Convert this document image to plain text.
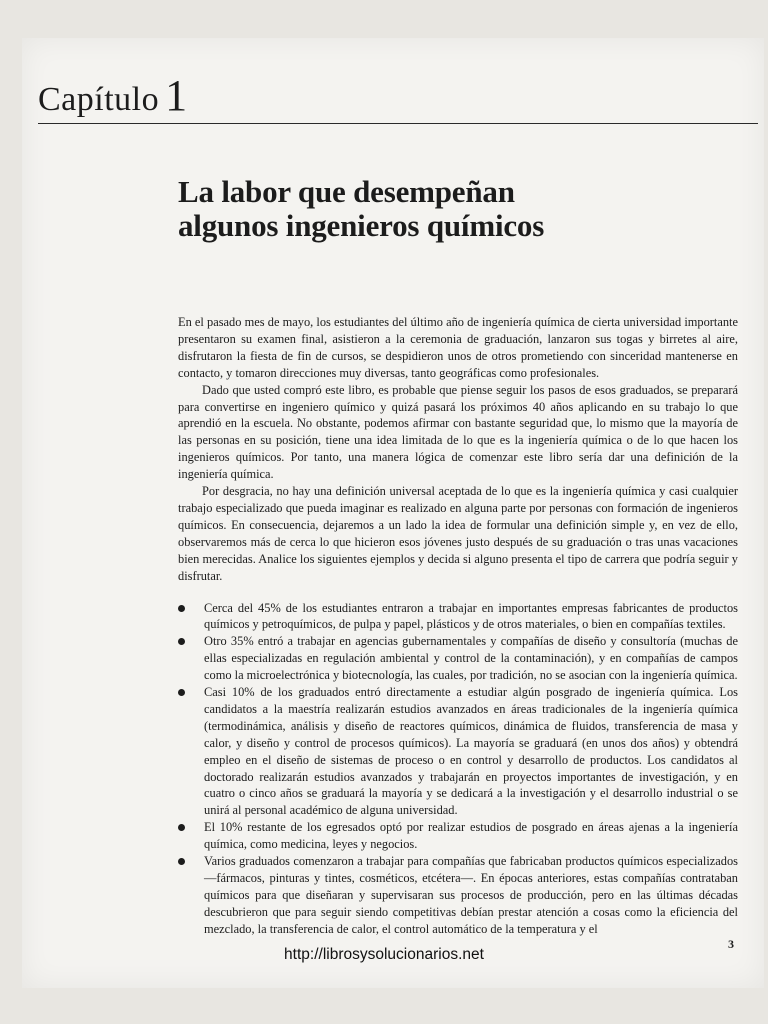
Capítulo 1
La labor que desempeñan
algunos ingenieros químicos

En el pasado mes de mayo, los estudiantes del último año de ingeniería química de cierta universidad importante presentaron su examen final, asistieron a la ceremonia de graduación, lanzaron sus togas y birretes al aire, disfrutaron la fiesta de fin de cursos, se despidieron unos de otros prometiendo con sinceridad mantenerse en contacto, y tomaron direcciones muy diversas, tanto geográficas como profesionales.

Dado que usted compró este libro, es probable que piense seguir los pasos de esos graduados, se preparará para convertirse en ingeniero químico y quizá pasará los próximos 40 años aplicando en su trabajo lo que aprendió en la escuela. No obstante, podemos afirmar con bastante seguridad que, lo mismo que la mayoría de las personas en su posición, tiene una idea limitada de lo que es la ingeniería química o de lo que hacen los ingenieros químicos. Por tanto, una manera lógica de comenzar este libro sería dar una definición de la ingeniería química.

Por desgracia, no hay una definición universal aceptada de lo que es la ingeniería química y casi cualquier trabajo especializado que pueda imaginar es realizado en alguna parte por personas con formación de ingenieros químicos. En consecuencia, dejaremos a un lado la idea de formular una definición simple y, en vez de ello, observaremos más de cerca lo que hicieron esos jóvenes justo después de su graduación o tras unas vacaciones bien merecidas. Analice los siguientes ejemplos y decida si alguno presenta el tipo de carrera que podría seguir y disfrutar.

Cerca del 45% de los estudiantes entraron a trabajar en importantes empresas fabricantes de productos químicos y petroquímicos, de pulpa y papel, plásticos y de otros materiales, o bien en compañías textiles.
Otro 35% entró a trabajar en agencias gubernamentales y compañías de diseño y consultoría (muchas de ellas especializadas en regulación ambiental y control de la contaminación), y en compañías de campos como la microelectrónica y biotecnología, las cuales, por tradición, no se asocian con la ingeniería química.
Casi 10% de los graduados entró directamente a estudiar algún posgrado de ingeniería química. Los candidatos a la maestría realizarán estudios avanzados en áreas tradicionales de la ingeniería química (termodinámica, análisis y diseño de reactores químicos, dinámica de fluidos, transferencia de masa y calor, y diseño y control de procesos químicos). La mayoría se graduará (en unos dos años) y obtendrá empleo en el diseño de sistemas de proceso o en control y desarrollo de productos. Los candidatos al doctorado realizarán estudios avanzados y trabajarán en proyectos importantes de investigación, y en cuatro o cinco años se graduará la mayoría y se dedicará a la investigación y el desarrollo industrial o se unirá al personal académico de alguna universidad.
El 10% restante de los egresados optó por realizar estudios de posgrado en áreas ajenas a la ingeniería química, como medicina, leyes y negocios.
Varios graduados comenzaron a trabajar para compañías que fabricaban productos químicos especializados —fármacos, pinturas y tintes, cosméticos, etcétera—. En épocas anteriores, estas compañías contrataban químicos para que diseñaran y supervisaran sus procesos de producción, pero en las últimas décadas descubrieron que para seguir siendo competitivas debían prestar atención a cosas como la eficiencia del mezclado, la transferencia de calor, el control automático de la temperatura y el
3
http://librosysolucionarios.net
